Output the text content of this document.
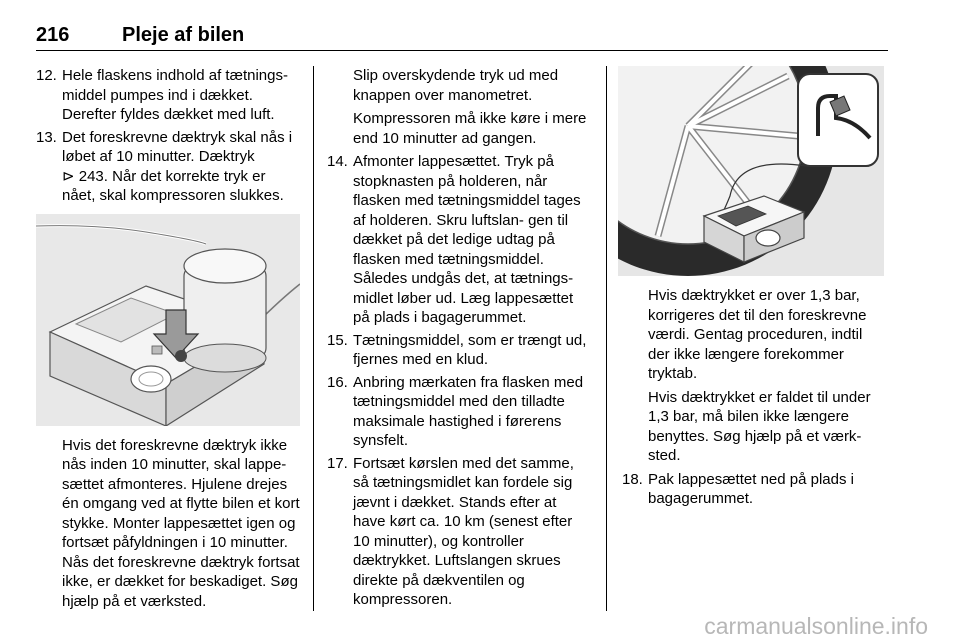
216	Pleje af bilen
12. Hele flaskens indhold af tætnings- middel pumpes ind i dækket. Derefter fyldes dækket med luft.
13. Det foreskrevne dæktryk skal nås i løbet af 10 minutter. Dæktryk
⊳ 243. Når det korrekte tryk er nået, skal kompressoren slukkes.
Hvis det foreskrevne dæktryk ikke nås inden 10 minutter, skal lappe- sættet afmonteres. Hjulene drejes én omgang ved at flytte bilen et kort stykke. Monter lappesættet igen og fortsæt påfyldningen i 10 minutter. Nås det foreskrevne dæktryk fortsat ikke, er dækket for beskadiget. Søg hjælp på et værksted.

Slip overskydende tryk ud med knappen over manometret.

Kompressoren må ikke køre i mere end 10 minutter ad gangen.

14. Afmonter lappesættet. Tryk på stopknasten på holderen, når flasken med tætningsmiddel tages af holderen. Skru luftslan- gen til dækket på det ledige udtag på flasken med tætningsmiddel. Således undgås det, at tætnings- midlet løber ud. Læg lappesættet på plads i bagagerummet.
15. Tætningsmiddel, som er trængt ud, fjernes med en klud.
16. Anbring mærkaten fra flasken med tætningsmiddel med den tilladte maksimale hastighed i førerens synsfelt.
17. Fortsæt kørslen med det samme, så tætningsmidlet kan fordele sig jævnt i dækket. Stands efter at have kørt ca. 10 km (senest efter 10 minutter), og kontroller dæktrykket. Luftslangen skrues direkte på dækventilen og kompressoren.

Hvis dæktrykket er over 1,3 bar, korrigeres det til den foreskrevne værdi. Gentag proceduren, indtil der ikke længere forekommer tryktab.

Hvis dæktrykket er faldet til under 1,3 bar, må bilen ikke længere benyttes. Søg hjælp på et værk- sted.

18. Pak lappesættet ned på plads i bagagerummet.
carmanualsonline.info
